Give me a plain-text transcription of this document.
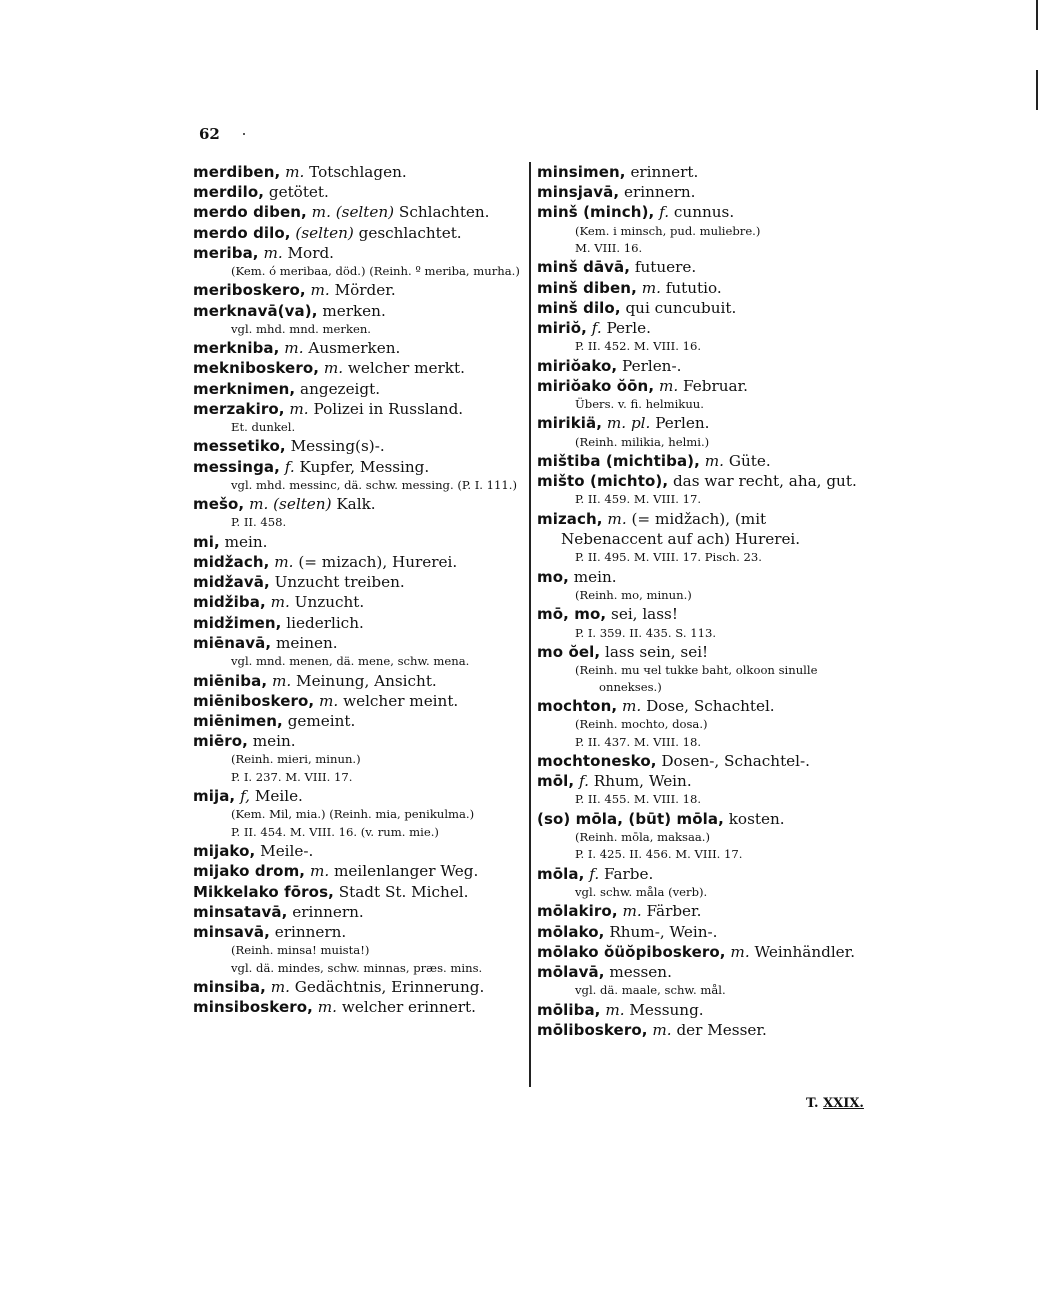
62

merdiben, m. Totschlagen.

merdilo, getötet.

merdo diben, m. (selten) Schlachten.

merdo dilo, (selten) geschlachtet.

meriba, m. Mord.

(Kem. ó meribaa, död.) (Reinh. º meriba, murha.)

meriboskero, m. Mörder.

merknavā(va), merken.

vgl. mhd. mnd. merken.

merkniba, m. Ausmerken.

mekniboskero, m. welcher merkt.

merknimen, angezeigt.

merzakiro, m. Polizei in Russland.

Et. dunkel.

messetiko, Messing(s)-.

messinga, f. Kupfer, Messing.

vgl. mhd. messinc, dä. schw. messing. (P. I. 111.)

mešo, m. (selten) Kalk.

P. II. 458.

mi, mein.

midžach, m. (= mizach), Hurerei.

midžavā, Unzucht treiben.

midžiba, m. Unzucht.

midžimen, liederlich.

miēnavā, meinen.

vgl. mnd. menen, dä. mene, schw. mena.

miēniba, m. Meinung, Ansicht.

miēniboskero, m. welcher meint.

miēnimen, gemeint.

miēro, mein.

(Reinh. mieri, minun.)
P. I. 237. M. VIII. 17.

mija, f, Meile.

(Kem. Mil, mia.) (Reinh. mia, penikulma.)
P. II. 454. M. VIII. 16. (v. rum. mie.)

mijako, Meile-.

mijako drom, m. meilenlanger Weg.

Mikkelako fōros, Stadt St. Michel.

minsatavā, erinnern.

minsavā, erinnern.

(Reinh. minsa! muista!)
vgl. dä. mindes, schw. minnas, præs. mins.

minsiba, m. Gedächtnis, Erinnerung.

minsiboskero, m. welcher erinnert.

minsimen, erinnert.

minsjavā, erinnern.

minš (minch), f. cunnus.

(Kem. i minsch, pud. muliebre.)
M. VIII. 16.

minš dāvā, futuere.

minš diben, m. fututio.

minš dilo, qui cuncubuit.

miriŏ, f. Perle.

P. II. 452. M. VIII. 16.

miriŏako, Perlen-.

miriŏako ŏōn, m. Februar.

Übers. v. fi. helmikuu.

mirikiä, m. pl. Perlen.

(Reinh. milikia, helmi.)

mištiba (michtiba), m. Güte.

mišto (michto), das war recht, aha, gut.

P. II. 459. M. VIII. 17.

mizach, m. (= midžach), (mit Nebenaccent auf ach) Hurerei.

P. II. 495. M. VIII. 17. Pisch. 23.

mo, mein.

(Reinh. mo, minun.)

mō, mo, sei, lass!

P. I. 359. II. 435. S. 113.

mo ŏel, lass sein, sei!

(Reinh. mu чel tukke baht, olkoon sinulle onnekses.)

mochton, m. Dose, Schachtel.

(Reinh. mochto, dosa.)
P. II. 437. M. VIII. 18.

mochtonesko, Dosen-, Schachtel-.

mōl, f. Rhum, Wein.

P. II. 455. M. VIII. 18.

(so) mōla, (būt) mōla, kosten.

(Reinh. mōla, maksaa.)
P. I. 425. II. 456. M. VIII. 17.

mōla, f. Farbe.

vgl. schw. måla (verb).

mōlakiro, m. Färber.

mōlako, Rhum-, Wein-.

mōlako ŏüŏpiboskero, m. Weinhändler.

mōlavā, messen.

vgl. dä. maale, schw. mål.

mōliba, m. Messung.

mōliboskero, m. der Messer.

T. XXIX.
